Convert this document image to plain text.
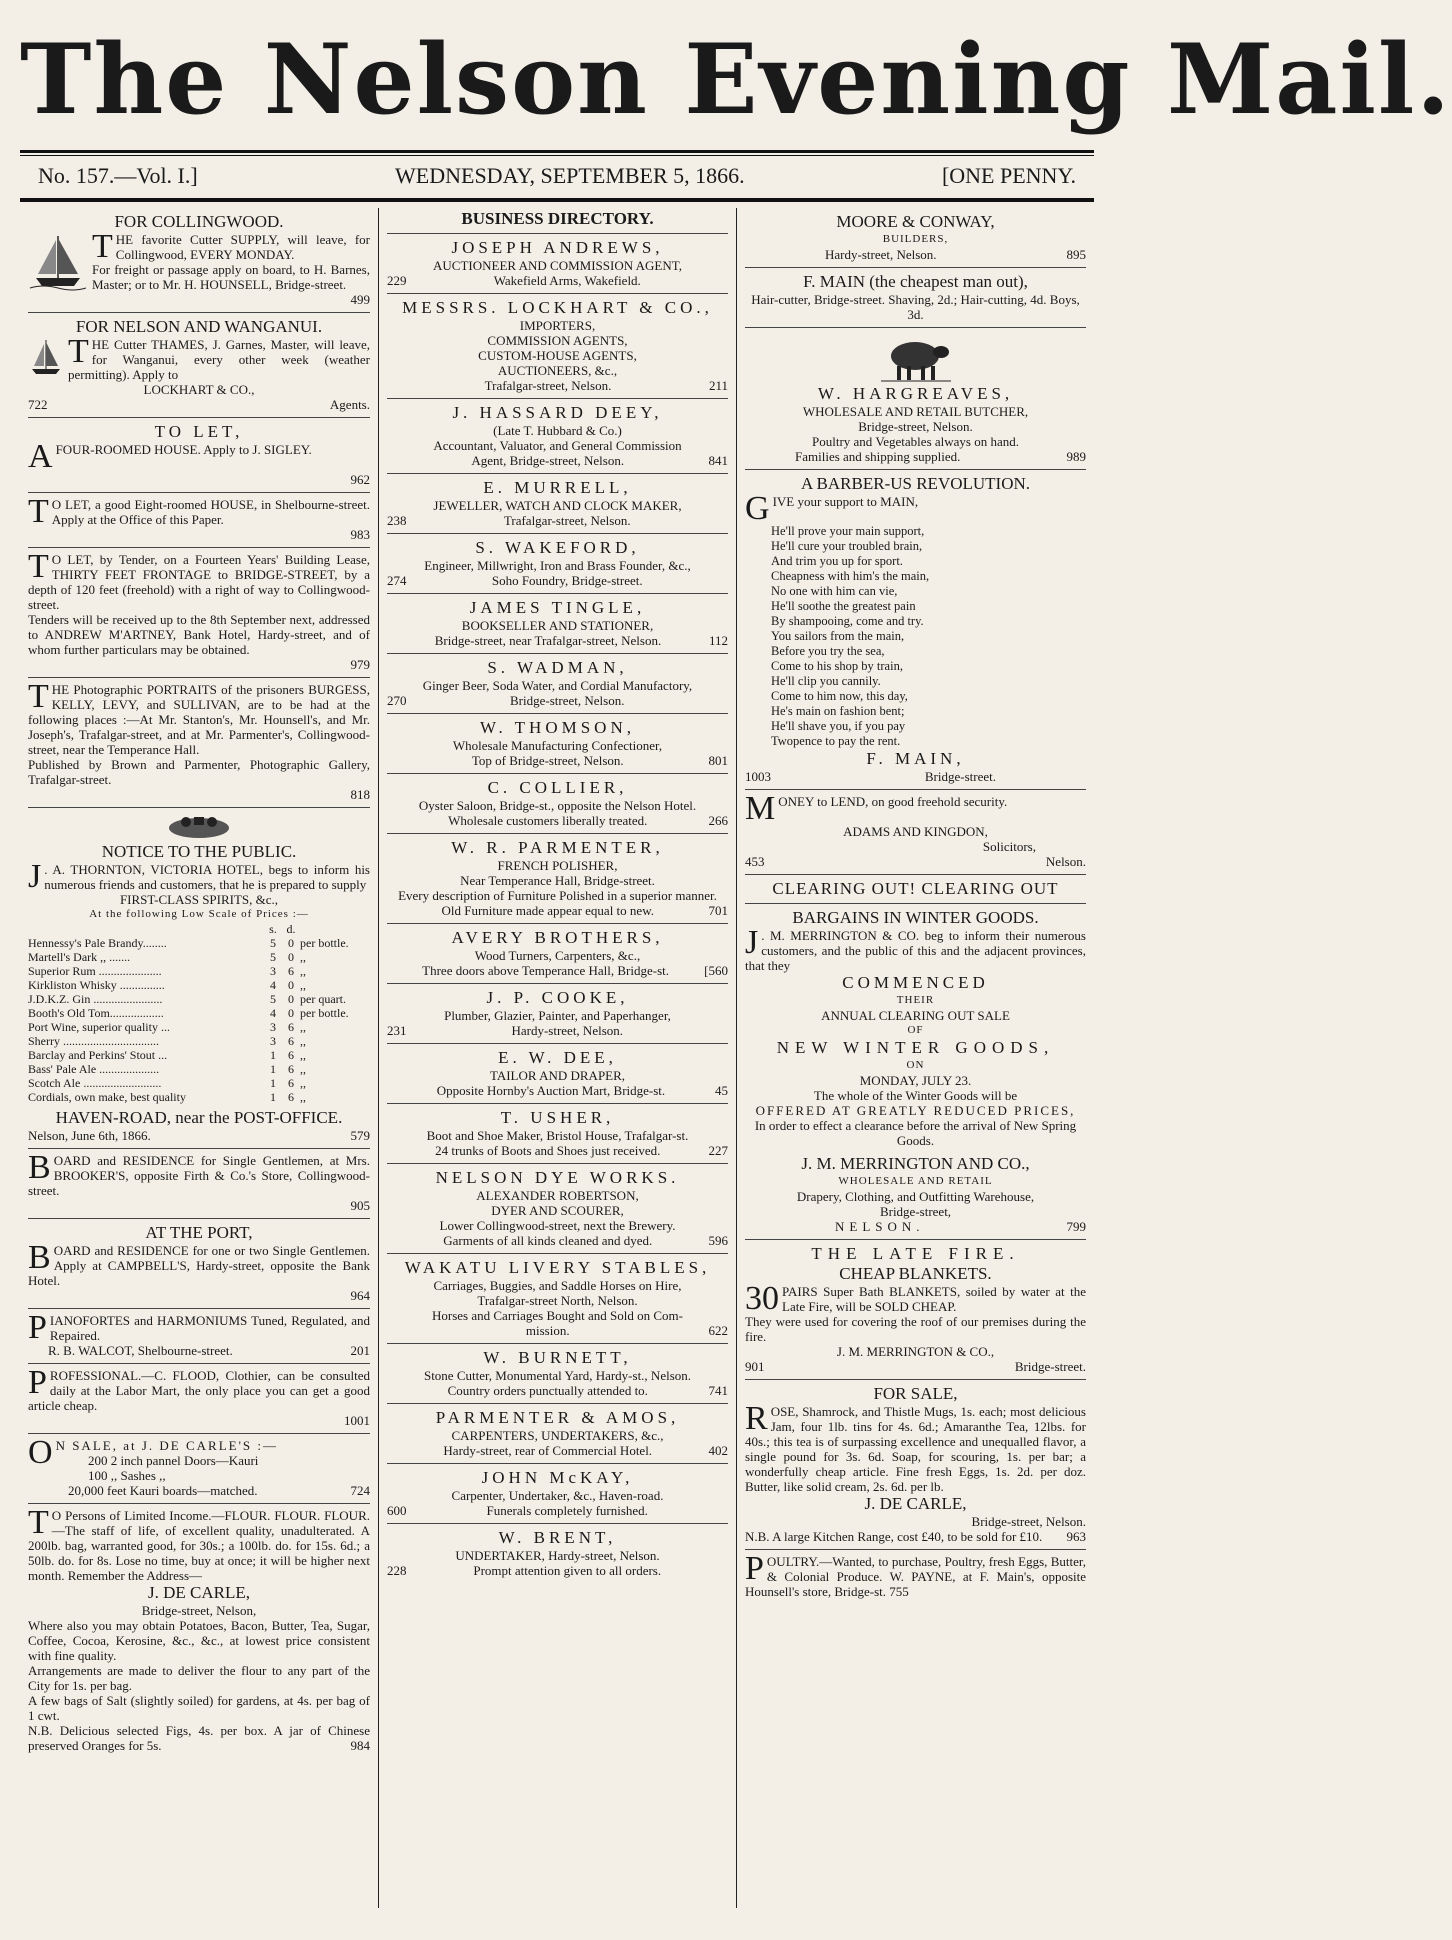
The Nelson Evening Mail.
No. 157.—Vol. I.]	WEDNESDAY, SEPTEMBER 5, 1866.	[ONE PENNY.
FOR COLLINGWOOD.
THE favorite Cutter SUPPLY, will leave, for Collingwood, EVERY MONDAY.
For freight or passage apply on board, to H. Barnes, Master; or to Mr. H. HOUNSELL, Bridge-street.
499
FOR NELSON AND WANGANUI.
THE Cutter THAMES, J. Garnes, Master, will leave, for Wanganui, every other week (weather permitting). Apply to
LOCKHART & CO.,
722	Agents.
TO LET,
AFOUR-ROOMED HOUSE. Apply to J. SIGLEY.
962
T O LET, a good Eight-roomed HOUSE, in Shelbourne-street. Apply at the Office of this Paper.
983
T O LET, by Tender, on a Fourteen Years' Building Lease, THIRTY FEET FRONTAGE to BRIDGE-STREET, by a depth of 120 feet (freehold) with a right of way to Collingwood-street.
Tenders will be received up to the 8th September next, addressed to ANDREW M'ARTNEY, Bank Hotel, Hardy-street, and of whom further particulars may be obtained.
979
THE Photographic PORTRAITS of the prisoners BURGESS, KELLY, LEVY, and SULLIVAN, are to be had at the following places :—At Mr. Stanton's, Mr. Hounsell's, and Mr. Joseph's, Trafalgar-street, and at Mr. Parmenter's, Collingwood-street, near the Temperance Hall.
Published by Brown and Parmenter, Photographic Gallery, Trafalgar-street.
818
NOTICE TO THE PUBLIC.
J . A. THORNTON, VICTORIA HOTEL, begs to inform his numerous friends and customers, that he is prepared to supply
FIRST-CLASS SPIRITS, &c.,
At the following Low Scale of Prices :—
	s.	d.	
Hennessy's Pale Brandy........	5	0	per bottle.
Martell's Dark ,, .......	5	0	,,
Superior Rum .....................	3	6	,,
Kirkliston Whisky ...............	4	0	,,
J.D.K.Z. Gin .......................	5	0	per quart.
Booth's Old Tom..................	4	0	per bottle.
Port Wine, superior quality ...	3	6	,,
Sherry ................................	3	6	,,
Barclay and Perkins' Stout ...	1	6	,,
Bass' Pale Ale ....................	1	6	,,
Scotch Ale ..........................	1	6	,,
Cordials, own make, best quality	1	6	,,
HAVEN-ROAD, near the POST-OFFICE.
Nelson, June 6th, 1866.	579
BOARD and RESIDENCE for Single Gentlemen, at Mrs. BROOKER'S, opposite Firth & Co.'s Store, Collingwood-street.
905
AT THE PORT,
BOARD and RESIDENCE for one or two Single Gentlemen. Apply at CAMPBELL'S, Hardy-street, opposite the Bank Hotel.
964
PIANOFORTES and HARMONIUMS Tuned, Regulated, and Repaired.
R. B. WALCOT, Shelbourne-street.	201
PROFESSIONAL.—C. FLOOD, Clothier, can be consulted daily at the Labor Mart, the only place you can get a good article cheap.
1001
O N SALE, at J. DE CARLE'S :—
200 2 inch pannel Doors—Kauri
100 ,, Sashes ,,
20,000 feet Kauri boards—matched.	724
T O Persons of Limited Income.—FLOUR. FLOUR. FLOUR.—The staff of life, of excellent quality, unadulterated. A 200lb. bag, warranted good, for 30s.; a 100lb. do. for 15s. 6d.; a 50lb. do. for 8s. Lose no time, buy at once; it will be higher next month. Remember the Address—
J. DE CARLE,
Bridge-street, Nelson,
Where also you may obtain Potatoes, Bacon, Butter, Tea, Sugar, Coffee, Cocoa, Kerosine, &c., &c., at lowest price consistent with fine quality.
Arrangements are made to deliver the flour to any part of the City for 1s. per bag.
A few bags of Salt (slightly soiled) for gardens, at 4s. per bag of 1 cwt.
N.B. Delicious selected Figs, 4s. per box. A jar of Chinese preserved Oranges for 5s.	984
BUSINESS DIRECTORY.
JOSEPH ANDREWS,
AUCTIONEER AND COMMISSION AGENT,
229	Wakefield Arms, Wakefield.
MESSRS. LOCKHART & CO.,
IMPORTERS,
COMMISSION AGENTS,
CUSTOM-HOUSE AGENTS,
AUCTIONEERS, &c.,
Trafalgar-street, Nelson.	211
J. HASSARD DEEY,
(Late T. Hubbard & Co.)
Accountant, Valuator, and General Commission
Agent, Bridge-street, Nelson.	841
E. MURRELL,
JEWELLER, WATCH AND CLOCK MAKER,
238	Trafalgar-street, Nelson.
S. WAKEFORD,
Engineer, Millwright, Iron and Brass Founder, &c.,
274	Soho Foundry, Bridge-street.
JAMES TINGLE,
BOOKSELLER AND STATIONER,
Bridge-street, near Trafalgar-street, Nelson.	112
S. WADMAN,
Ginger Beer, Soda Water, and Cordial Manufactory,
270	Bridge-street, Nelson.
W. THOMSON,
Wholesale Manufacturing Confectioner,
Top of Bridge-street, Nelson.	801
C. COLLIER,
Oyster Saloon, Bridge-st., opposite the Nelson Hotel.
Wholesale customers liberally treated.	266
W. R. PARMENTER,
FRENCH POLISHER,
Near Temperance Hall, Bridge-street.
Every description of Furniture Polished in a superior manner.
Old Furniture made appear equal to new.	701
AVERY BROTHERS,
Wood Turners, Carpenters, &c.,
Three doors above Temperance Hall, Bridge-st.	[560
J. P. COOKE,
Plumber, Glazier, Painter, and Paperhanger,
231	Hardy-street, Nelson.
E. W. DEE,
TAILOR AND DRAPER,
Opposite Hornby's Auction Mart, Bridge-st.	45
T. USHER,
Boot and Shoe Maker, Bristol House, Trafalgar-st.
24 trunks of Boots and Shoes just received.	227
NELSON DYE WORKS.
ALEXANDER ROBERTSON,
DYER AND SCOURER,
Lower Collingwood-street, next the Brewery.
Garments of all kinds cleaned and dyed.	596
WAKATU LIVERY STABLES,
Carriages, Buggies, and Saddle Horses on Hire,
Trafalgar-street North, Nelson.
Horses and Carriages Bought and Sold on Com-
mission.	622
W. BURNETT,
Stone Cutter, Monumental Yard, Hardy-st., Nelson.
Country orders punctually attended to.	741
PARMENTER & AMOS,
CARPENTERS, UNDERTAKERS, &c.,
Hardy-street, rear of Commercial Hotel.	402
JOHN McKAY,
Carpenter, Undertaker, &c., Haven-road.
600	Funerals completely furnished.
W. BRENT,
UNDERTAKER, Hardy-street, Nelson.
228	Prompt attention given to all orders.
MOORE & CONWAY,
BUILDERS,
Hardy-street, Nelson.	895
F. MAIN (the cheapest man out),
Hair-cutter, Bridge-street. Shaving, 2d.; Hair-cutting, 4d. Boys, 3d.
W. HARGREAVES,
WHOLESALE AND RETAIL BUTCHER,
Bridge-street, Nelson.
Poultry and Vegetables always on hand.
Families and shipping supplied.	989
A BARBER-US REVOLUTION.
GIVE your support to MAIN,
He'll prove your main support,
He'll cure your troubled brain,
And trim you up for sport.
Cheapness with him's the main,
No one with him can vie,
He'll soothe the greatest pain
By shampooing, come and try.
You sailors from the main,
Before you try the sea,
Come to his shop by train,
He'll clip you cannily.
Come to him now, this day,
He's main on fashion bent;
He'll shave you, if you pay
Twopence to pay the rent.
F. MAIN,
1003	Bridge-street.
MONEY to LEND, on good freehold security.
ADAMS AND KINGDON,
Solicitors,
453	Nelson.
CLEARING OUT! CLEARING OUT
BARGAINS IN WINTER GOODS.
J . M. MERRINGTON & CO. beg to inform their numerous customers, and the public of this and the adjacent provinces, that they
COMMENCED
THEIR
ANNUAL CLEARING OUT SALE
OF
NEW WINTER GOODS,
ON
MONDAY, JULY 23.
The whole of the Winter Goods will be
OFFERED AT GREATLY REDUCED PRICES,
In order to effect a clearance before the arrival of New Spring Goods.
J. M. MERRINGTON AND CO.,
WHOLESALE AND RETAIL
Drapery, Clothing, and Outfitting Warehouse,
Bridge-street,
NELSON.	799
THE LATE FIRE.
CHEAP BLANKETS.
30 PAIRS Super Bath BLANKETS, soiled by water at the Late Fire, will be SOLD CHEAP.
They were used for covering the roof of our premises during the fire.
J. M. MERRINGTON & CO.,
901	Bridge-street.
FOR SALE,
ROSE, Shamrock, and Thistle Mugs, 1s. each; most delicious Jam, four 1lb. tins for 4s. 6d.; Amaranthe Tea, 12lbs. for 40s.; this tea is of surpassing excellence and unequalled flavor, a single pound for 3s. 6d. Soap, for scouring, 1s. per bar; a wonderfully cheap article. Fine fresh Eggs, 1s. 2d. per doz. Butter, like solid cream, 2s. 6d. per lb.
J. DE CARLE,
Bridge-street, Nelson.
N.B. A large Kitchen Range, cost £40, to be sold for £10. 963
POULTRY.—Wanted, to purchase, Poultry, fresh Eggs, Butter, & Colonial Produce. W. PAYNE, at F. Main's, opposite Hounsell's store, Bridge-st. 755
